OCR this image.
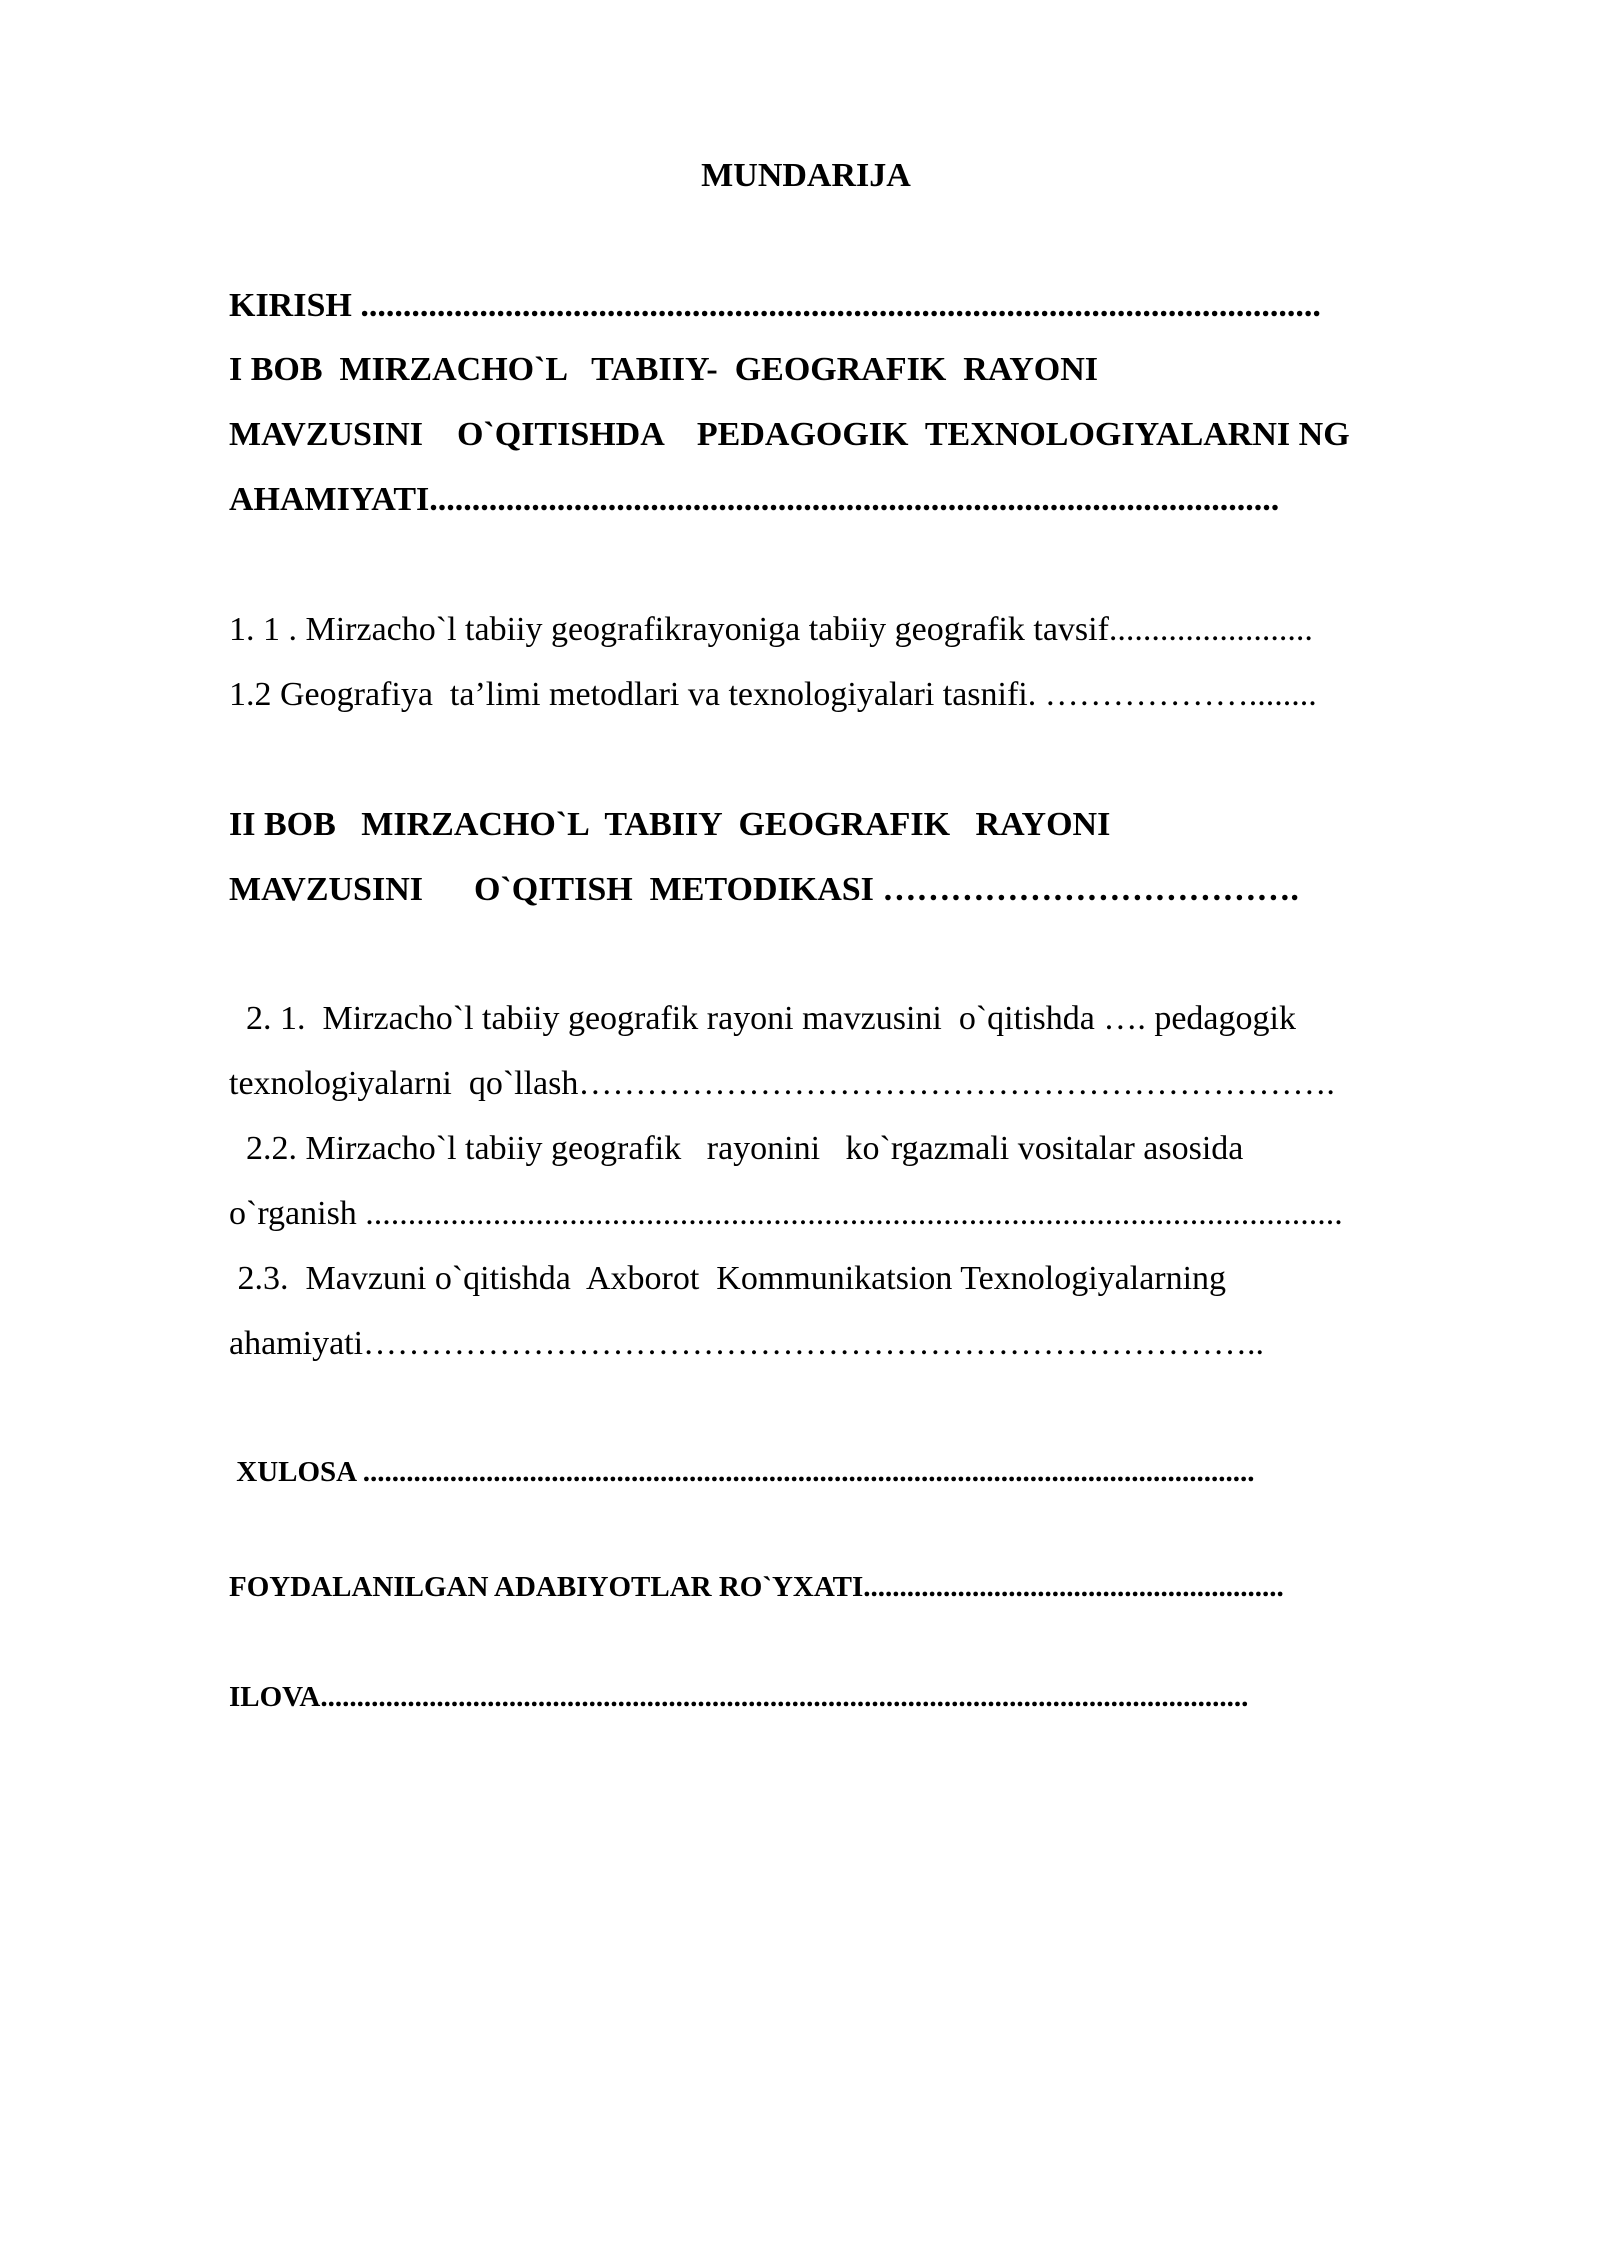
MUNDARIJA
KIRISH .................................................................................................................
I BOB  MIRZACHO`L   TABIIY-  GEOGRAFIK  RAYONI
MAVZUSINI    O`QITISHDA    PEDAGOGIK  TEXNOLOGIYALARNI NG
AHAMIYATI....................................................................................................
1. 1 . Mirzacho`l tabiiy geografikrayoniga tabiiy geografik tavsif........................
1.2 Geografiya  ta’limi metodlari va texnologiyalari tasnifi. ………………........
II BOB   MIRZACHO`L  TABIIY  GEOGRAFIK   RAYONI
MAVZUSINI      O`QITISH  METODIKASI ……………………………….
2. 1.  Mirzacho`l tabiiy geografik rayoni mavzusini  o`qitishda …. pedagogik
texnologiyalarni  qo`llash………………………………………………………….
2.2. Mirzacho`l tabiiy geografik   rayonini   ko`rgazmali vositalar asosida
o`rganish ...................................................................................................................
2.3.  Mavzuni o`qitishda  Axborot  Kommunikatsion Texnologiyalarning
ahamiyati……………………………………………………………………..
XULOSA ...........................................................................................................................
FOYDALANILGAN ADABIYOTLAR RO`YXATI..........................................................
ILOVA................................................................................................................................
